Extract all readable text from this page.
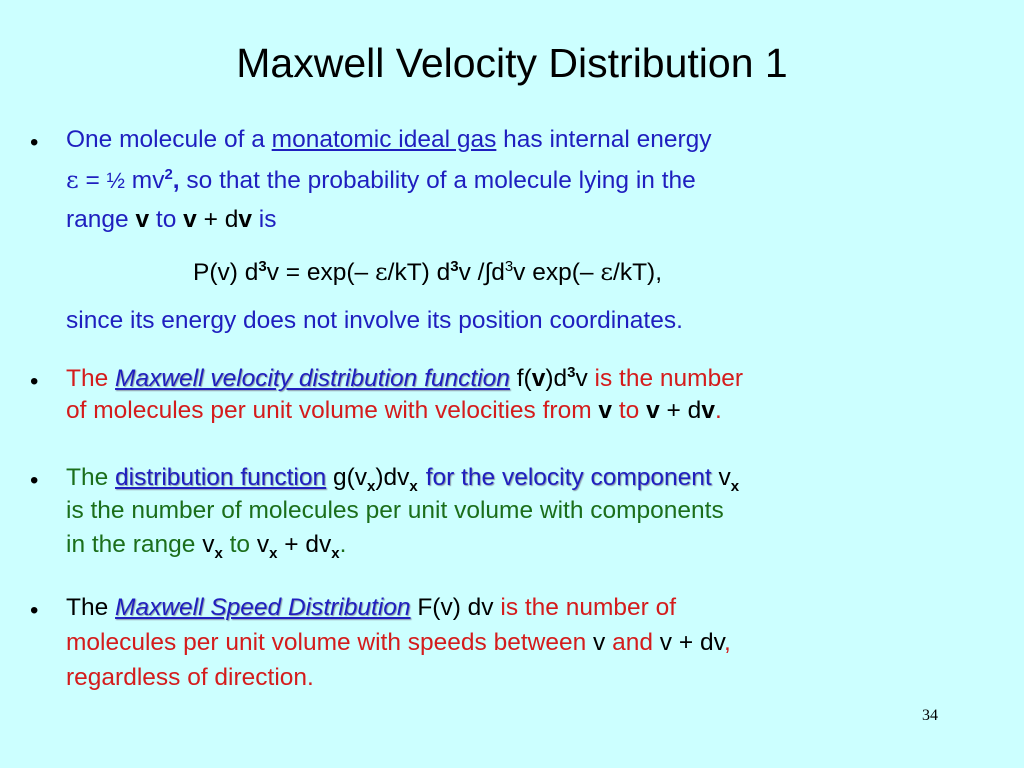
Maxwell Velocity Distribution 1
• One molecule of a monatomic ideal gas has internal energy
ε = ½ $mv^2$, so that the probability of a molecule lying in the
range v to v + dv is
P(v) $d^3v = \exp(-$ ε/kT) $d^3v$ $/\int d^3v$ exp(– ε/kT),
since its energy does not involve its position coordinates.
• The Maxwell velocity distribution function $f(v)d^3v$ is the number
of molecules per unit volume with velocities from v to v + dv.
• The distribution function $g(v_x)dv_x$ for the velocity component $v_x$
is the number of molecules per unit volume with components
in the range $v_x$ to $v_x + dv_x$.
• The Maxwell Speed Distribution F(v) dv is the number of
molecules per unit volume with speeds between v and v + dv,
regardless of direction.
34
